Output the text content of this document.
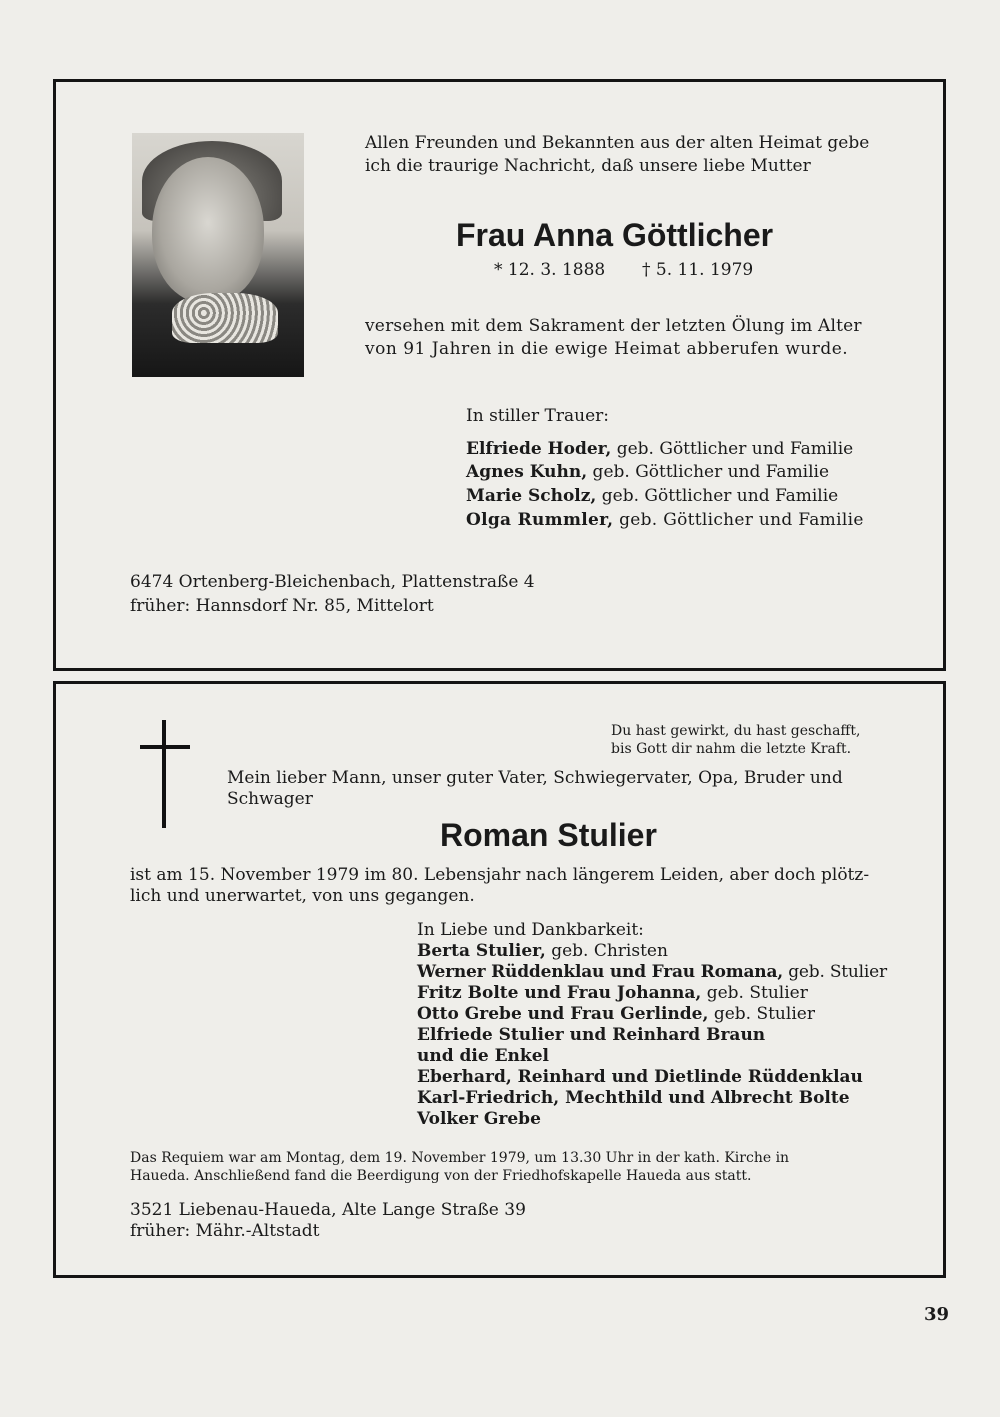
Allen Freunden und Bekannten aus der alten Heimat gebe
ich die traurige Nachricht, daß unsere liebe Mutter
Frau Anna Göttlicher
* 12. 3. 1888 † 5. 11. 1979
versehen mit dem Sakrament der letzten Ölung im Alter
von 91 Jahren in die ewige Heimat abberufen wurde.
In stiller Trauer:
Elfriede Hoder, geb. Göttlicher und Familie
Agnes Kuhn, geb. Göttlicher und Familie
Marie Scholz, geb. Göttlicher und Familie
Olga Rummler, geb. Göttlicher und Familie
6474 Ortenberg-Bleichenbach, Plattenstraße 4
früher: Hannsdorf Nr. 85, Mittelort
Du hast gewirkt, du hast geschafft,
bis Gott dir nahm die letzte Kraft.
Mein lieber Mann, unser guter Vater, Schwiegervater, Opa, Bruder und
Schwager
Roman Stulier
ist am 15. November 1979 im 80. Lebensjahr nach längerem Leiden, aber doch plötz-
lich und unerwartet, von uns gegangen.
In Liebe und Dankbarkeit:
Berta Stulier, geb. Christen
Werner Rüddenklau und Frau Romana, geb. Stulier
Fritz Bolte und Frau Johanna, geb. Stulier
Otto Grebe und Frau Gerlinde, geb. Stulier
Elfriede Stulier und Reinhard Braun
und die Enkel
Eberhard, Reinhard und Dietlinde Rüddenklau
Karl-Friedrich, Mechthild und Albrecht Bolte
Volker Grebe
Das Requiem war am Montag, dem 19. November 1979, um 13.30 Uhr in der kath. Kirche in
Haueda. Anschließend fand die Beerdigung von der Friedhofskapelle Haueda aus statt.
3521 Liebenau-Haueda, Alte Lange Straße 39
früher: Mähr.-Altstadt
39
